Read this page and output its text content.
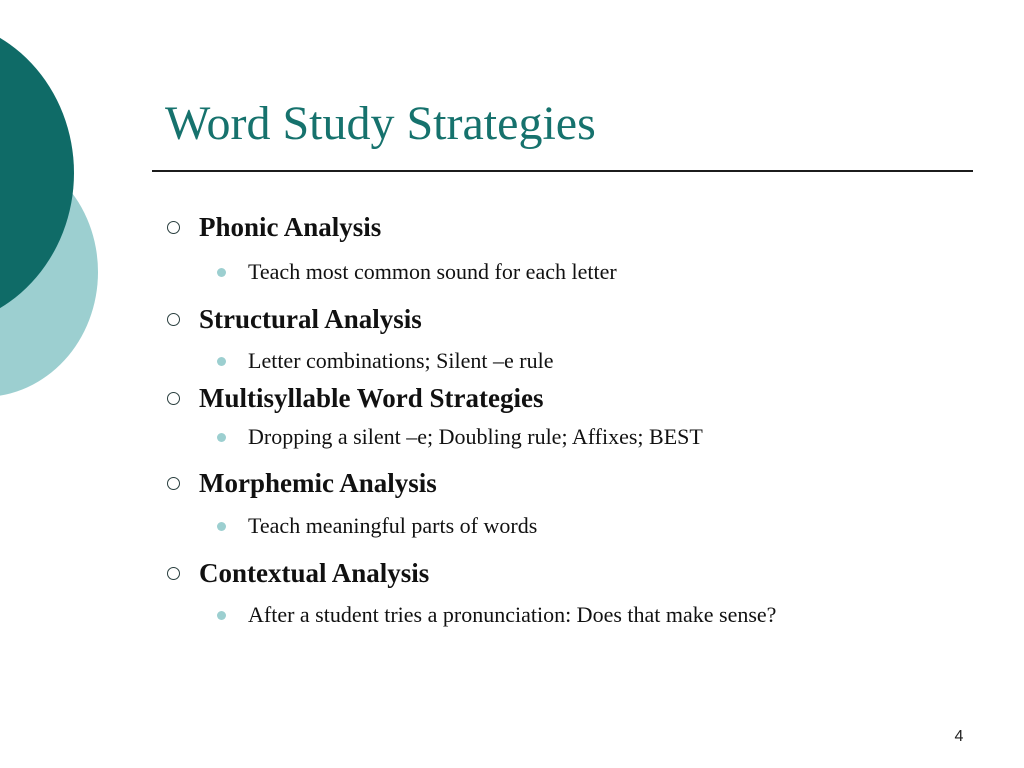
Word Study Strategies
Phonic Analysis
Teach most common sound for each letter
Structural Analysis
Letter combinations; Silent –e rule
Multisyllable Word Strategies
Dropping a silent –e; Doubling rule; Affixes; BEST
Morphemic Analysis
Teach meaningful parts of words
Contextual Analysis
After a student tries a pronunciation: Does that make sense?
4
